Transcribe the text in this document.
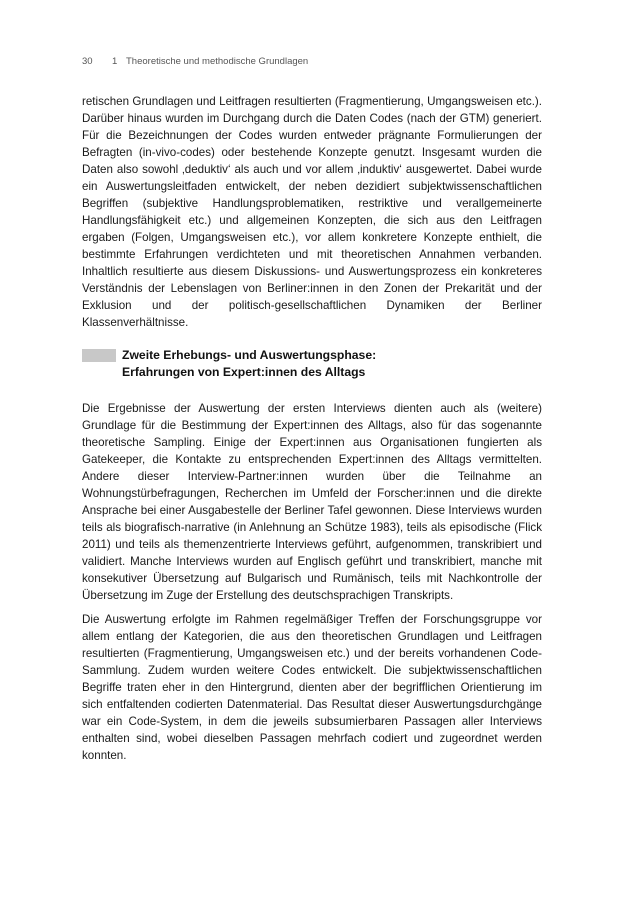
30	1 Theoretische und methodische Grundlagen

retischen Grundlagen und Leitfragen resultierten (Fragmentierung, Umgangsweisen etc.). Darüber hinaus wurden im Durchgang durch die Daten Codes (nach der GTM) generiert. Für die Bezeichnungen der Codes wurden entweder prägnante Formulierungen der Befragten (in-vivo-codes) oder bestehende Konzepte genutzt. Insgesamt wurden die Daten also sowohl ‚deduktiv‘ als auch und vor allem ‚induktiv‘ ausgewertet. Dabei wurde ein Auswertungsleitfaden entwickelt, der neben dezidiert subjektwissenschaftlichen Begriffen (subjektive Handlungsproblematiken, restriktive und verallgemeinerte Handlungsfähigkeit etc.) und allgemeinen Konzepten, die sich aus den Leitfragen ergaben (Folgen, Umgangsweisen etc.), vor allem konkretere Konzepte enthielt, die bestimmte Erfahrungen verdichteten und mit theoretischen Annahmen verbanden. Inhaltlich resultierte aus diesem Diskussions- und Auswertungsprozess ein konkreteres Verständnis der Lebenslagen von Berliner:innen in den Zonen der Prekarität und der Exklusion und der politisch-gesellschaftlichen Dynamiken der Berliner Klassenverhältnisse.

Zweite Erhebungs- und Auswertungsphase:
Erfahrungen von Expert:innen des Alltags

Die Ergebnisse der Auswertung der ersten Interviews dienten auch als (weitere) Grundlage für die Bestimmung der Expert:innen des Alltags, also für das sogenannte theoretische Sampling. Einige der Expert:innen aus Organisationen fungierten als Gatekeeper, die Kontakte zu entsprechenden Expert:innen des Alltags vermittelten. Andere dieser Interview-Partner:innen wurden über die Teilnahme an Wohnungstürbefragungen, Recherchen im Umfeld der Forscher:innen und die direkte Ansprache bei einer Ausgabestelle der Berliner Tafel gewonnen. Diese Interviews wurden teils als biografisch-narrative (in Anlehnung an Schütze 1983), teils als episodische (Flick 2011) und teils als themenzentrierte Interviews geführt, aufgenommen, transkribiert und validiert. Manche Interviews wurden auf Englisch geführt und transkribiert, manche mit konsekutiver Übersetzung auf Bulgarisch und Rumänisch, teils mit Nachkontrolle der Übersetzung im Zuge der Erstellung des deutschsprachigen Transkripts.

Die Auswertung erfolgte im Rahmen regelmäßiger Treffen der Forschungsgruppe vor allem entlang der Kategorien, die aus den theoretischen Grundlagen und Leitfragen resultierten (Fragmentierung, Umgangsweisen etc.) und der bereits vorhandenen Code-Sammlung. Zudem wurden weitere Codes entwickelt. Die subjektwissenschaftlichen Begriffe traten eher in den Hintergrund, dienten aber der begrifflichen Orientierung im sich entfaltenden codierten Datenmaterial. Das Resultat dieser Auswertungsdurchgänge war ein Code-System, in dem die jeweils subsumierbaren Passagen aller Interviews enthalten sind, wobei dieselben Passagen mehrfach codiert und zugeordnet werden konnten.
